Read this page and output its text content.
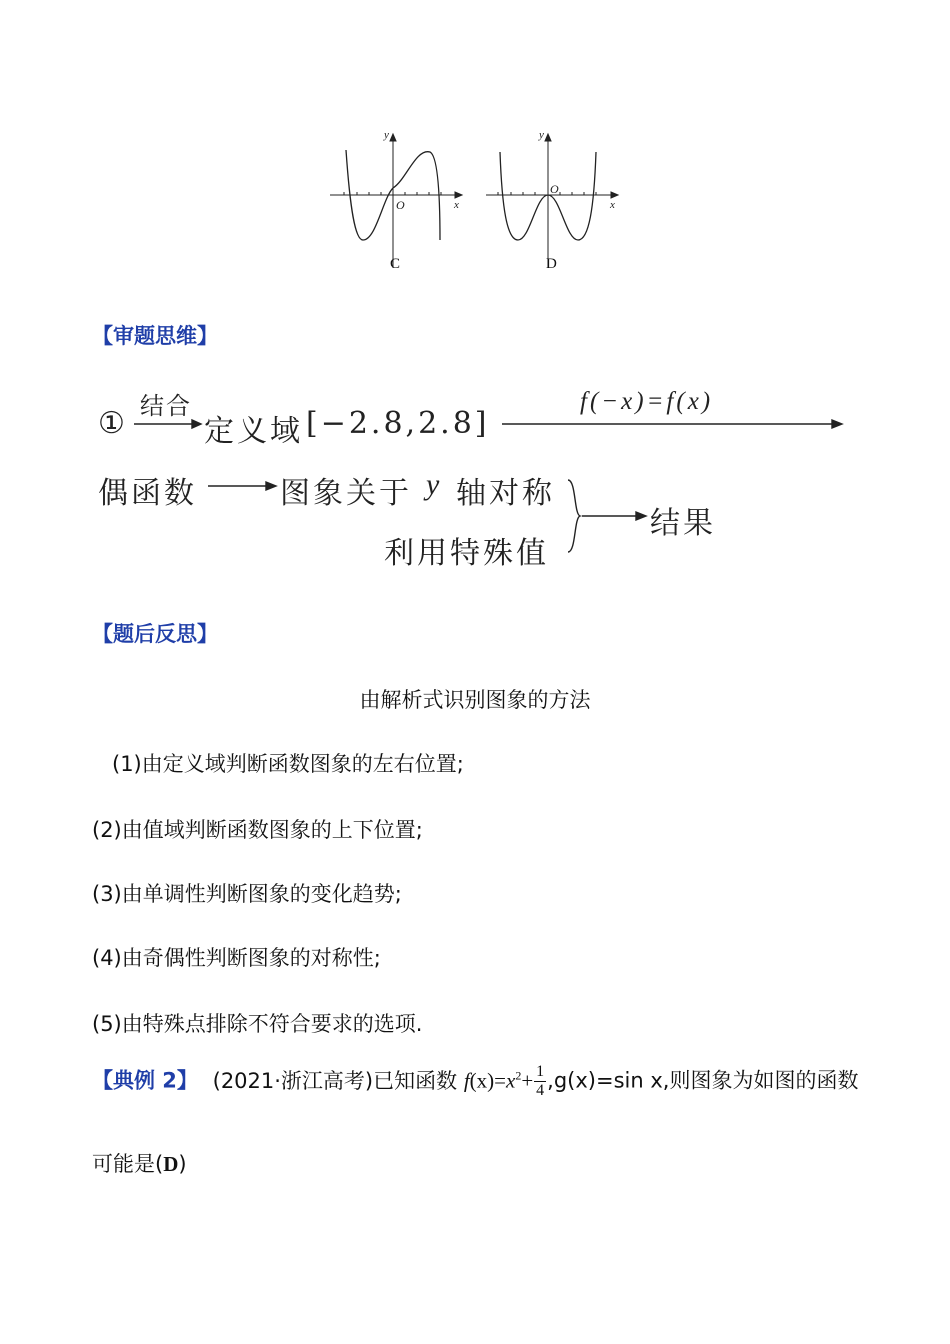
y
x
O
C
y
x
O
D
【审题思维】
① 结合
定义域 [−2.8,2.8]
f(−x)=f(x)
偶函数	图象关于 y 轴对称
利用特殊值
结果
【题后反思】
由解析式识别图象的方法
(1)由定义域判断函数图象的左右位置;
(2)由值域判断函数图象的上下位置;
(3)由单调性判断图象的变化趋势;
(4)由奇偶性判断图象的对称性;
(5)由特殊点排除不符合要求的选项.
【典例 2】 (2021·浙江高考)已知函数 $f(x)=x^2+ \frac{1}{4} ,g(x)=\sin$ x,则图象为如图的函数
可能是(D)
